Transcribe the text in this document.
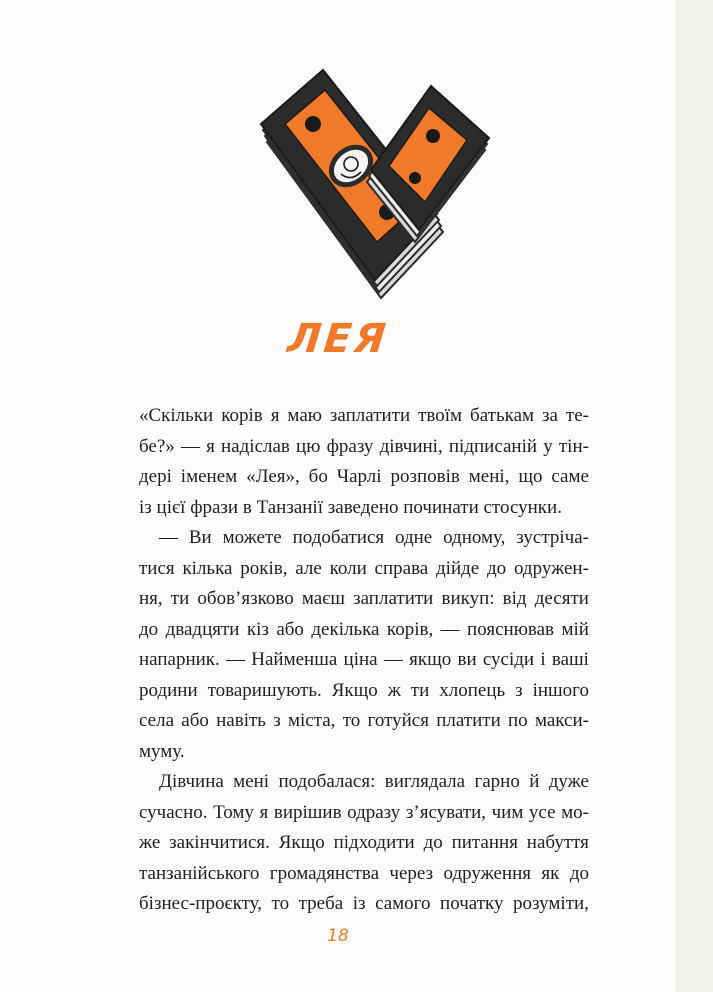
ЛЕЯ
«Скільки корів я маю заплатити твоїм батькам за те-
бе?» — я надіслав цю фразу дівчині, підписаній у тін-
дері іменем «Лея», бо Чарлі розповів мені, що саме
із цієї фрази в Танзанії заведено починати стосунки.
— Ви можете подобатися одне одному, зустріча-
тися кілька років, але коли справа дійде до одружен-
ня, ти обов’язково маєш заплатити викуп: від десяти
до двадцяти кіз або декілька корів, — пояснював мій
напарник. — Найменша ціна — якщо ви сусіди і ваші
родини товаришують. Якщо ж ти хлопець з іншого
села або навіть з міста, то готуйся платити по макси-
муму.
Дівчина мені подобалася: виглядала гарно й дуже
сучасно. Тому я вирішив одразу з’ясувати, чим усе мо-
же закінчитися. Якщо підходити до питання набуття
танзанійського громадянства через одруження як до
бізнес-проєкту, то треба із самого початку розуміти,
18
